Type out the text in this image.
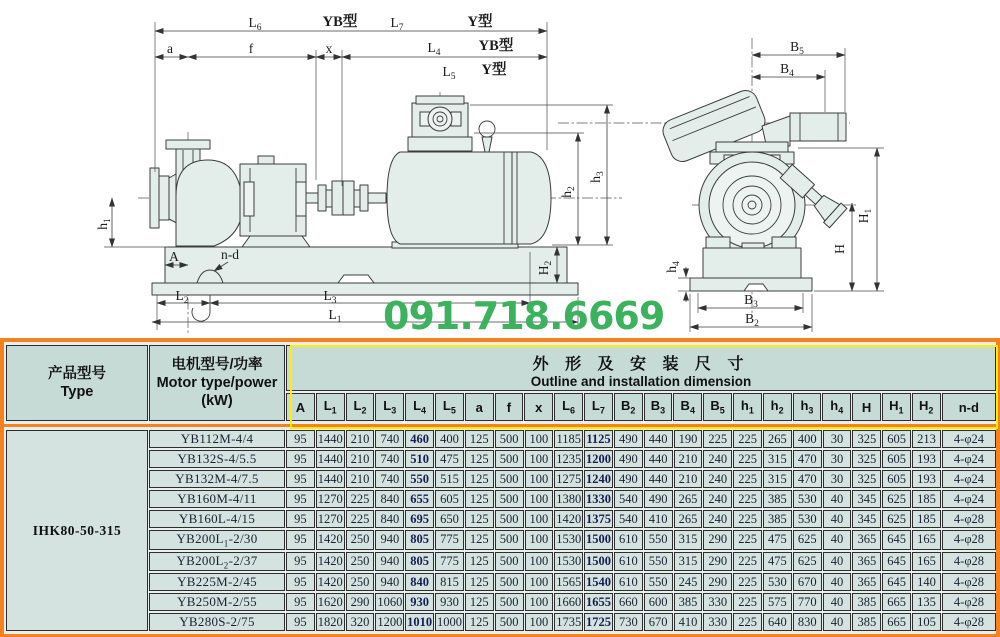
$L_6$	YB型 $L_7$	Y型
a	f	x	$L_4$	YB型
$L_5$ Y型
$h_1$
A	n-d
$L_2$	$L_3$
$L_1$
$h_2$
$h_3$
$H_2$
$B_5$
$B_4$
$h_4$
$B_3$
$B_2$
H
$H_1$
091.718.6669
产品型号
Type

电机型号/功率
Motor type/power
(kW)

外 形 及 安 装 尺 寸
Outline and installation dimension

		A	$L_1$	$L_2$	$L_3$	$L_4$	$L_5$	a	f	x	$L_6$	$L_7$	$B_2$	$B_3$	$B_4$	$B_5$	$h_1$	$h_2$	$h_3$	$h_4$	H	$H_1$	$H_2$	n-d
IHK80-50-315	YB112M-4/4	95	1440	210	740	460	400	125	500	100	1185	1125	490	440	190	225	225	265	400	30	325	605	213	4-φ24
	YB132S-4/5.5	95	1440	210	740	510	475	125	500	100	1235	1200	490	440	210	240	225	315	470	30	325	605	193	4-φ24
	YB132M-4/7.5	95	1440	210	740	550	515	125	500	100	1275	1240	490	440	210	240	225	315	470	30	325	605	193	4-φ24
	YB160M-4/11	95	1270	225	840	655	605	125	500	100	1380	1330	540	490	265	240	225	385	530	40	345	625	185	4-φ24
	YB160L-4/15	95	1270	225	840	695	650	125	500	100	1420	1375	540	410	265	240	225	385	530	40	345	625	185	4-φ28
	$YB200L_1-2/30$	95	1420	250	940	805	775	125	500	100	1530	1500	610	550	315	290	225	475	625	40	365	645	165	4-φ28
	$YB200L_2-2/37$	95	1420	250	940	805	775	125	500	100	1530	1500	610	550	315	290	225	475	625	40	365	645	165	4-φ28
	YB225M-2/45	95	1420	250	940	840	815	125	500	100	1565	1540	610	550	245	290	225	530	670	40	365	645	140	4-φ28
	YB250M-2/55	95	1620	290	1060	930	930	125	500	100	1660	1655	660	600	385	330	225	575	770	40	385	665	135	4-φ28
	YB280S-2/75	95	1820	320	1200	1010	1000	125	500	100	1735	1725	730	670	410	330	225	640	830	40	385	665	105	4-φ28
